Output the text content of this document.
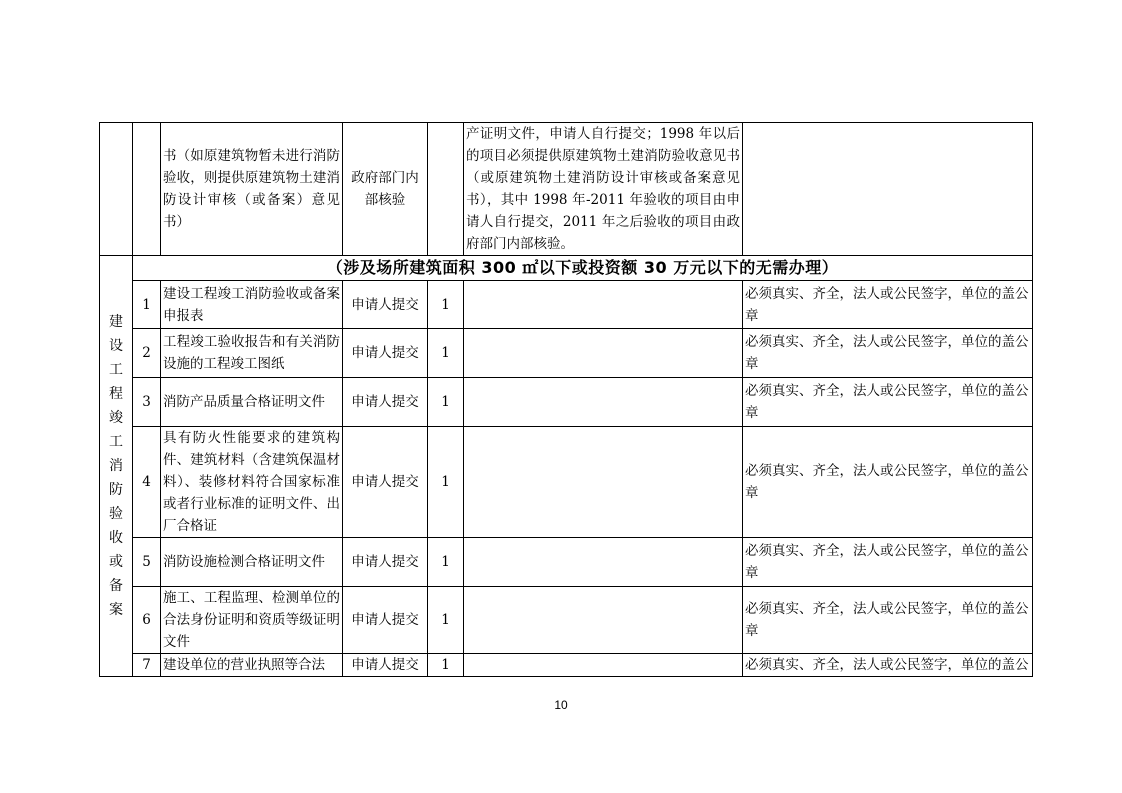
		书（如原建筑物暂未进行消防验收，则提供原建筑物土建消防设计审核（或备案）意见书）	政府部门内部核验		产证明文件，申请人自行提交；1998 年以后的项目必须提供原建筑物土建消防验收意见书（或原建筑物土建消防设计审核或备案意见书），其中 1998 年-2011 年验收的项目由申请人自行提交，2011 年之后验收的项目由政府部门内部核验。	

建设工程竣工消防验收或备案	（涉及场所建筑面积 300 ㎡以下或投资额 30 万元以下的无需办理）					
	1	建设工程竣工消防验收或备案申报表	申请人提交	1		必须真实、齐全，法人或公民签字，单位的盖公章
	2	工程竣工验收报告和有关消防设施的工程竣工图纸	申请人提交	1		必须真实、齐全，法人或公民签字，单位的盖公章
	3	消防产品质量合格证明文件	申请人提交	1		必须真实、齐全，法人或公民签字，单位的盖公章
	4	具有防火性能要求的建筑构件、建筑材料（含建筑保温材料）、装修材料符合国家标准或者行业标准的证明文件、出厂合格证	申请人提交	1		必须真实、齐全，法人或公民签字，单位的盖公章
	5	消防设施检测合格证明文件	申请人提交	1		必须真实、齐全，法人或公民签字，单位的盖公章
	6	施工、工程监理、检测单位的合法身份证明和资质等级证明文件	申请人提交	1		必须真实、齐全，法人或公民签字，单位的盖公章
	7	建设单位的营业执照等合法	申请人提交	1		必须真实、齐全，法人或公民签字，单位的盖公
10
